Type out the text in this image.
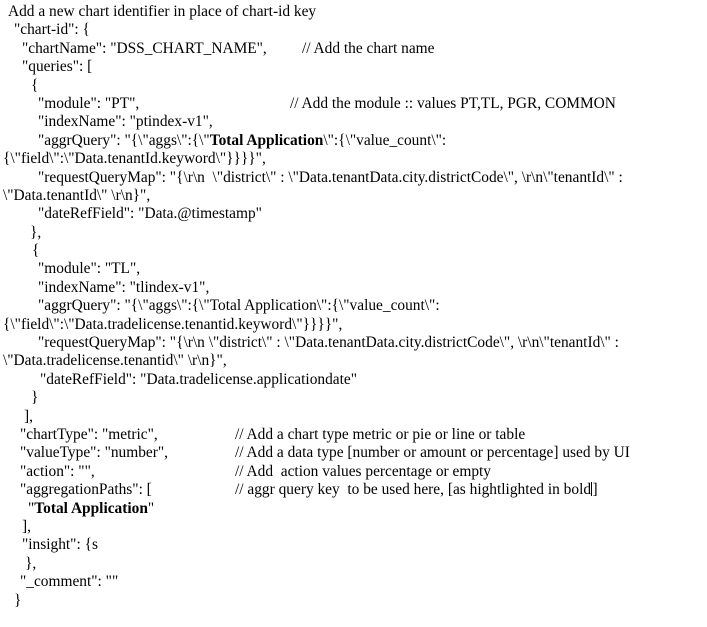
Add a new chart identifier in place of chart-id key
"chart-id": {
"chartName": "DSS_CHART_NAME", // Add the chart name
"queries": [
{
"module": "PT",	// Add the module :: values PT,TL, PGR, COMMON
"indexName": "ptindex-v1",
"aggrQuery": "{\"aggs\":{\"Total Application\":{\"value_count\":
{\"field\":\"Data.tenantId.keyword\"}}}}",
"requestQueryMap": "{\r\n  \"district\" : \"Data.tenantData.city.districtCode\", \r\n\"tenantId\" :
\"Data.tenantId\" \r\n}",
"dateRefField": "Data.@timestamp"
},
{
"module": "TL",
"indexName": "tlindex-v1",
"aggrQuery": "{\"aggs\":{\"Total Application\":{\"value_count\":
{\"field\":\"Data.tradelicense.tenantid.keyword\"}}}}",
"requestQueryMap": "{\r\n \"district\" : \"Data.tenantData.city.districtCode\", \r\n\"tenantId\" :
\"Data.tradelicense.tenantid\" \r\n}",
"dateRefField": "Data.tradelicense.applicationdate"
}
],
"chartType": "metric",	// Add a chart type metric or pie or line or table
"valueType": "number",	// Add a data type [number or amount or percentage] used by UI
"action": "",	// Add  action values percentage or empty
"aggregationPaths": [	// aggr query key  to be used here, [as hightlighted in bold]
"Total Application"
],
"insight": {s
},
"_comment": ""
}
